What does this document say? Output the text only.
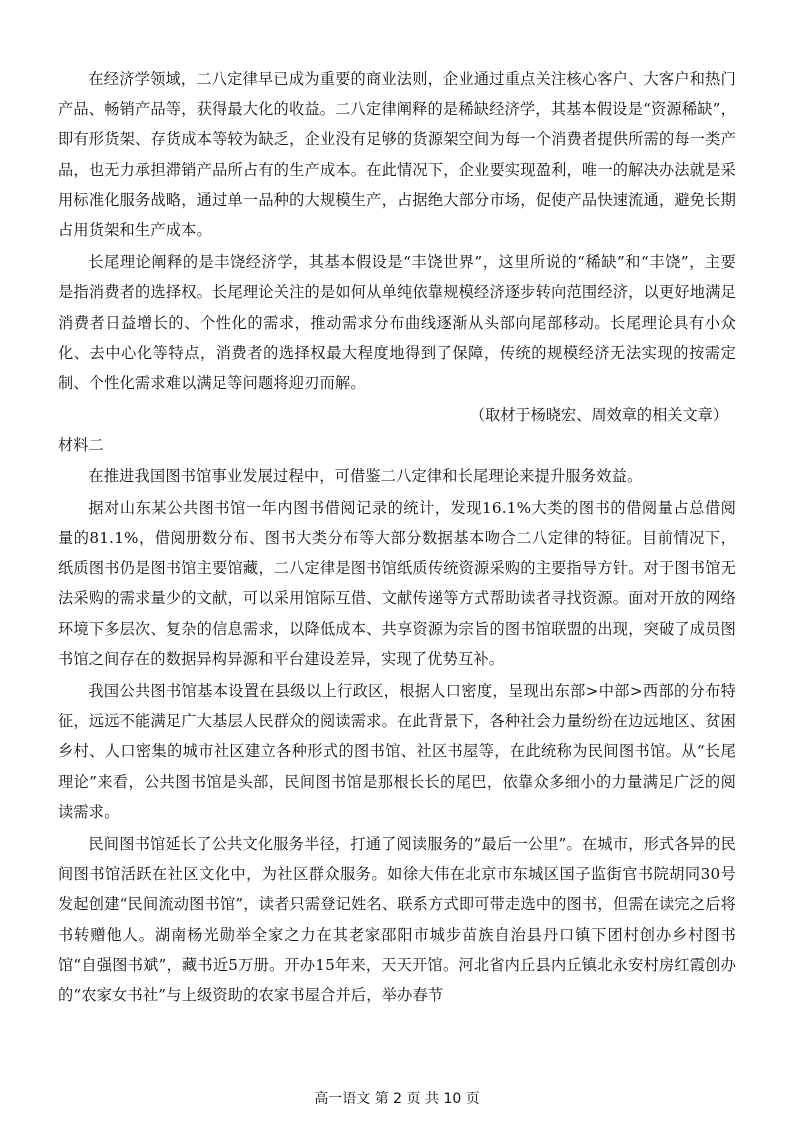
在经济学领域，二八定律早已成为重要的商业法则，企业通过重点关注核心客户、大客户和热门产品、畅销产品等，获得最大化的收益。二八定律阐释的是稀缺经济学，其基本假设是“资源稀缺”，即有形货架、存货成本等较为缺乏，企业没有足够的货源架空间为每一个消费者提供所需的每一类产品，也无力承担滞销产品所占有的生产成本。在此情况下，企业要实现盈利，唯一的解决办法就是采用标准化服务战略，通过单一品种的大规模生产，占据绝大部分市场，促使产品快速流通，避免长期占用货架和生产成本。

长尾理论阐释的是丰饶经济学，其基本假设是“丰饶世界”，这里所说的“稀缺”和“丰饶”，主要是指消费者的选择权。长尾理论关注的是如何从单纯依靠规模经济逐步转向范围经济，以更好地满足消费者日益增长的、个性化的需求，推动需求分布曲线逐渐从头部向尾部移动。长尾理论具有小众化、去中心化等特点，消费者的选择权最大程度地得到了保障，传统的规模经济无法实现的按需定制、个性化需求难以满足等问题将迎刃而解。

（取材于杨晓宏、周效章的相关文章）

材料二

在推进我国图书馆事业发展过程中，可借鉴二八定律和长尾理论来提升服务效益。

据对山东某公共图书馆一年内图书借阅记录的统计，发现16.1%大类的图书的借阅量占总借阅量的81.1%，借阅册数分布、图书大类分布等大部分数据基本吻合二八定律的特征。目前情况下，纸质图书仍是图书馆主要馆藏，二八定律是图书馆纸质传统资源采购的主要指导方针。对于图书馆无法采购的需求量少的文献，可以采用馆际互借、文献传递等方式帮助读者寻找资源。面对开放的网络环境下多层次、复杂的信息需求，以降低成本、共享资源为宗旨的图书馆联盟的出现，突破了成员图书馆之间存在的数据异构异源和平台建设差异，实现了优势互补。

我国公共图书馆基本设置在县级以上行政区，根据人口密度，呈现出东部>中部>西部的分布特征，远远不能满足广大基层人民群众的阅读需求。在此背景下，各种社会力量纷纷在边远地区、贫困乡村、人口密集的城市社区建立各种形式的图书馆、社区书屋等，在此统称为民间图书馆。从“长尾理论”来看，公共图书馆是头部，民间图书馆是那根长长的尾巴，依靠众多细小的力量满足广泛的阅读需求。

民间图书馆延长了公共文化服务半径，打通了阅读服务的“最后一公里”。在城市，形式各异的民间图书馆活跃在社区文化中，为社区群众服务。如徐大伟在北京市东城区国子监街官书院胡同30号发起创建“民间流动图书馆”，读者只需登记姓名、联系方式即可带走选中的图书，但需在读完之后将书转赠他人。湖南杨光勋举全家之力在其老家邵阳市城步苗族自治县丹口镇下团村创办乡村图书馆“自强图书斌”，藏书近5万册。开办15年来，天天开馆。河北省内丘县内丘镇北永安村房红霞创办的“农家女书社”与上级资助的农家书屋合并后，举办春节

高一语文 第 2 页 共 10 页
